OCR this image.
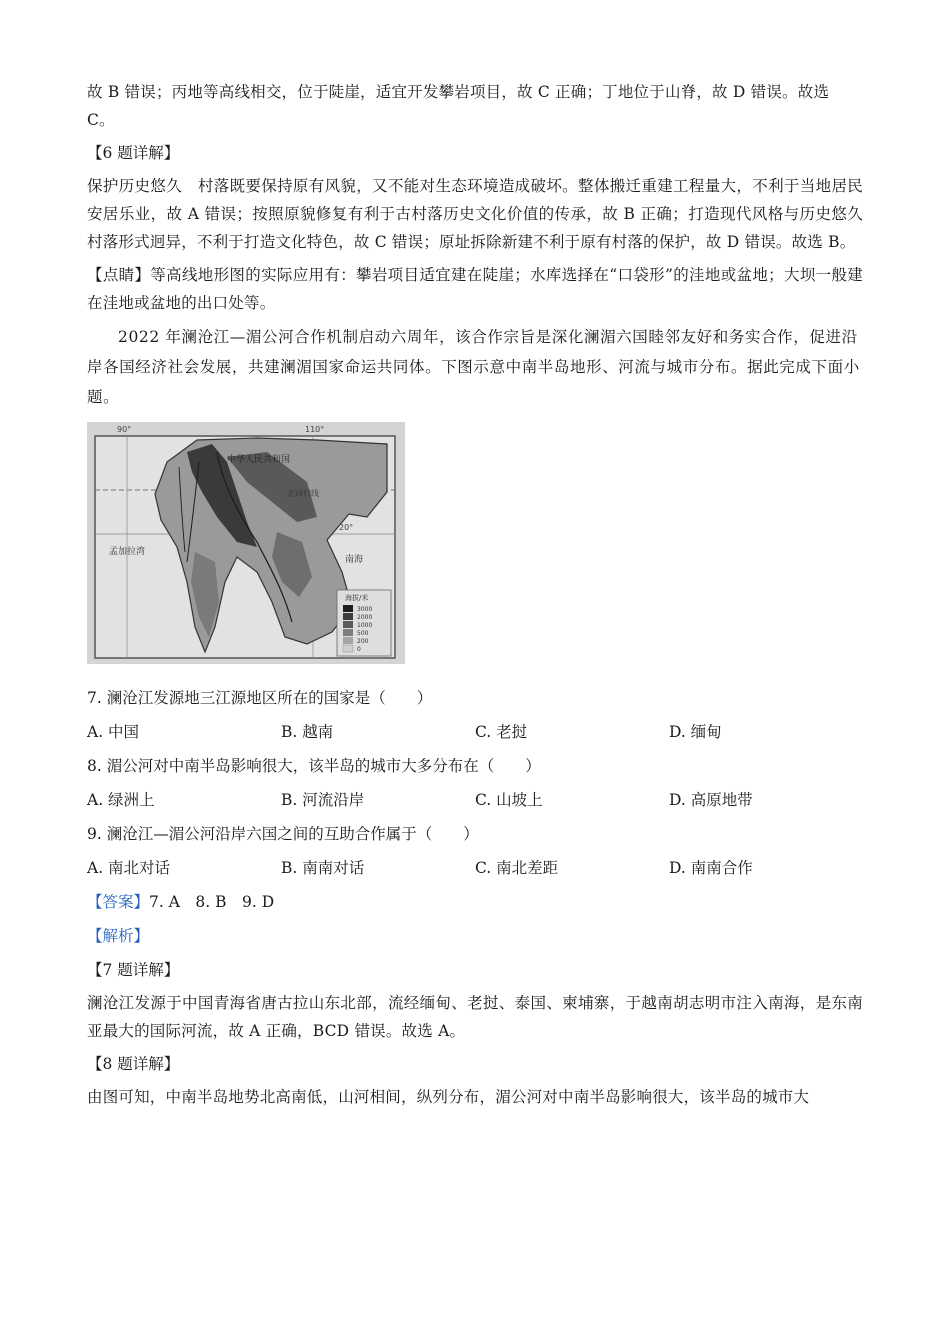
故 B 错误；丙地等高线相交，位于陡崖，适宜开发攀岩项目，故 C 正确；丁地位于山脊，故 D 错误。故选
C。

【6 题详解】

保护历史悠久　村落既要保持原有风貌，又不能对生态环境造成破坏。整体搬迁重建工程量大，不利于当地居民安居乐业，故 A 错误；按照原貌修复有利于古村落历史文化价值的传承，故 B 正确；打造现代风格与历史悠久村落形式迥异，不利于打造文化特色，故 C 错误；原址拆除新建不利于原有村落的保护，故 D 错误。故选 B。

【点睛】等高线地形图的实际应用有：攀岩项目适宜建在陡崖；水库选择在“口袋形”的洼地或盆地；大坝一般建在洼地或盆地的出口处等。

2022 年澜沧江—湄公河合作机制启动六周年，该合作宗旨是深化澜湄六国睦邻友好和务实合作，促进沿岸各国经济社会发展，共建澜湄国家命运共同体。下图示意中南半岛地形、河流与城市分布。据此完成下面小题。

90°	110°
中华人民共和国
北回归线
20°
孟加拉湾
南海
海拔/米
3000
2000
1000
500
200
0

7. 澜沧江发源地三江源地区所在的国家是（　　）

A. 中国	B. 越南	C. 老挝	D. 缅甸

8. 湄公河对中南半岛影响很大，该半岛的城市大多分布在（　　）

A. 绿洲上	B. 河流沿岸	C. 山坡上	D. 高原地带

9. 澜沧江—湄公河沿岸六国之间的互助合作属于（　　）

A. 南北对话	B. 南南对话	C. 南北差距	D. 南南合作

【答案】7. A　8. B　9. D

【解析】

【7 题详解】

澜沧江发源于中国青海省唐古拉山东北部，流经缅甸、老挝、泰国、柬埔寨，于越南胡志明市注入南海，是东南亚最大的国际河流，故 A 正确，BCD 错误。故选 A。

【8 题详解】

由图可知，中南半岛地势北高南低，山河相间，纵列分布，湄公河对中南半岛影响很大，该半岛的城市大
